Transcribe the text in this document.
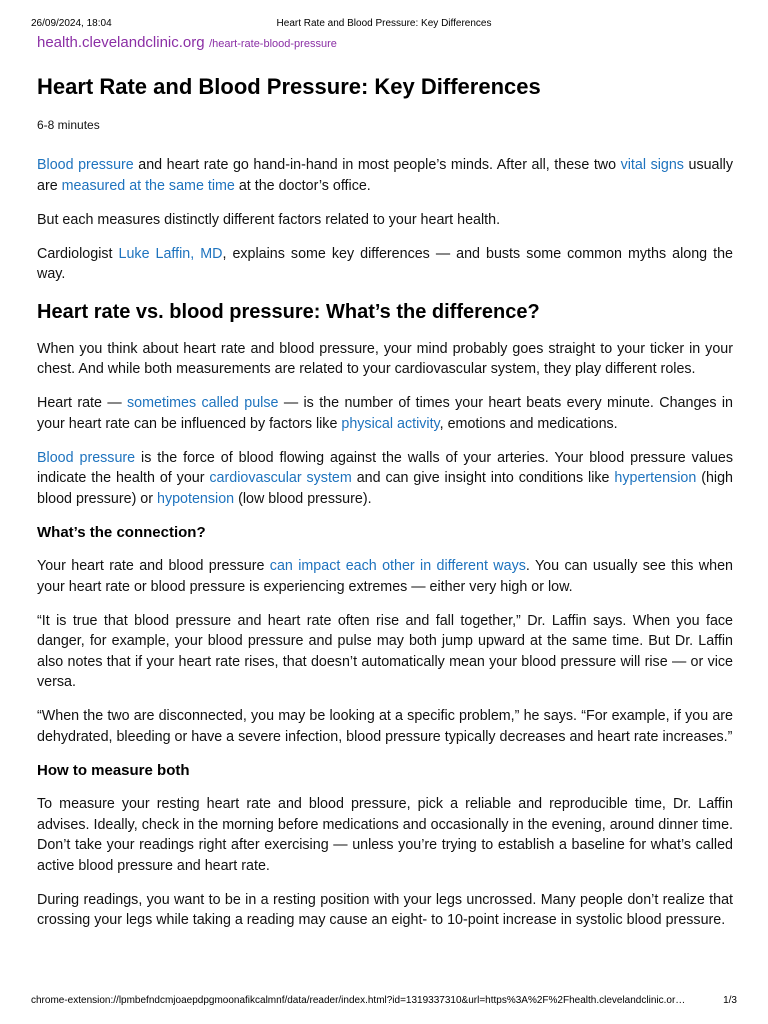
26/09/2024, 18:04	Heart Rate and Blood Pressure: Key Differences
health.clevelandclinic.org /heart-rate-blood-pressure
Heart Rate and Blood Pressure: Key Differences
6-8 minutes

Blood pressure and heart rate go hand-in-hand in most people’s minds. After all, these two vital signs usually are measured at the same time at the doctor’s office.

But each measures distinctly different factors related to your heart health.

Cardiologist Luke Laffin, MD, explains some key differences — and busts some common myths along the way.

Heart rate vs. blood pressure: What’s the difference?

When you think about heart rate and blood pressure, your mind probably goes straight to your ticker in your chest. And while both measurements are related to your cardiovascular system, they play different roles.

Heart rate — sometimes called pulse — is the number of times your heart beats every minute. Changes in your heart rate can be influenced by factors like physical activity, emotions and medications.

Blood pressure is the force of blood flowing against the walls of your arteries. Your blood pressure values indicate the health of your cardiovascular system and can give insight into conditions like hypertension (high blood pressure) or hypotension (low blood pressure).

What’s the connection?

Your heart rate and blood pressure can impact each other in different ways. You can usually see this when your heart rate or blood pressure is experiencing extremes — either very high or low.

“It is true that blood pressure and heart rate often rise and fall together,” Dr. Laffin says. When you face danger, for example, your blood pressure and pulse may both jump upward at the same time. But Dr. Laffin also notes that if your heart rate rises, that doesn’t automatically mean your blood pressure will rise — or vice versa.

“When the two are disconnected, you may be looking at a specific problem,” he says. “For example, if you are dehydrated, bleeding or have a severe infection, blood pressure typically decreases and heart rate increases.”

How to measure both

To measure your resting heart rate and blood pressure, pick a reliable and reproducible time, Dr. Laffin advises. Ideally, check in the morning before medications and occasionally in the evening, around dinner time. Don’t take your readings right after exercising — unless you’re trying to establish a baseline for what’s called active blood pressure and heart rate.

During readings, you want to be in a resting position with your legs uncrossed. Many people don’t realize that crossing your legs while taking a reading may cause an eight- to 10-point increase in systolic blood pressure.

chrome-extension://lpmbefndcmjoaepdpgmoonafikcalmnf/data/reader/index.html?id=1319337310&url=https%3A%2F%2Fhealth.clevelandclinic.or…	1/3
